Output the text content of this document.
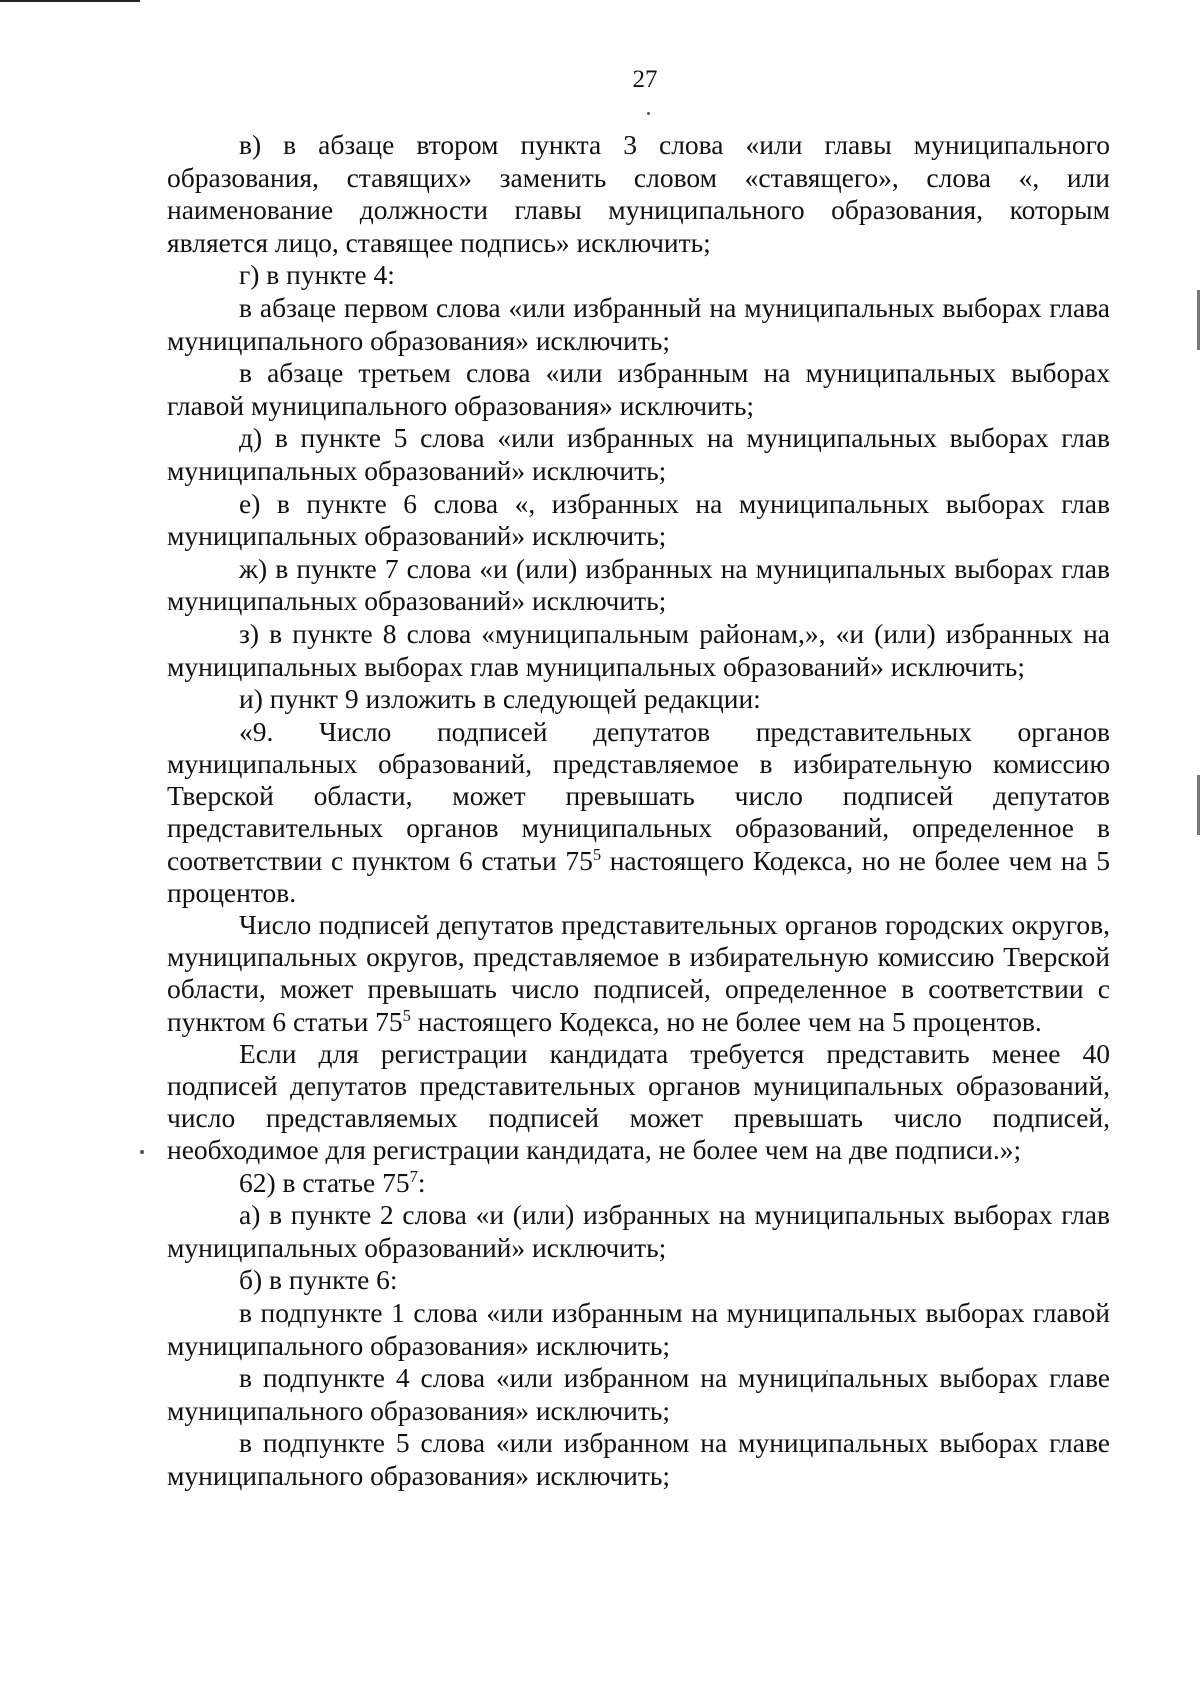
27

в) в абзаце втором пункта 3 слова «или главы муниципального образования, ставящих» заменить словом «ставящего», слова «, или наименование должности главы муниципального образования, которым является лицо, ставящее подпись» исключить;

г) в пункте 4:

в абзаце первом слова «или избранный на муниципальных выборах глава муниципального образования» исключить;

в абзаце третьем слова «или избранным на муниципальных выборах главой муниципального образования» исключить;

д) в пункте 5 слова «или избранных на муниципальных выборах глав муниципальных образований» исключить;

е) в пункте 6 слова «, избранных на муниципальных выборах глав муниципальных образований» исключить;

ж) в пункте 7 слова «и (или) избранных на муниципальных выборах глав муниципальных образований» исключить;

з) в пункте 8 слова «муниципальным районам,», «и (или) избранных на муниципальных выборах глав муниципальных образований» исключить;

и) пункт 9 изложить в следующей редакции:

«9. Число подписей депутатов представительных органов муниципальных образований, представляемое в избирательную комиссию Тверской области, может превышать число подписей депутатов представительных органов муниципальных образований, определенное в соответствии с пунктом 6 статьи $75^5$ настоящего Кодекса, но не более чем на 5 процентов.

Число подписей депутатов представительных органов городских округов, муниципальных округов, представляемое в избирательную комиссию Тверской области, может превышать число подписей, определенное в соответствии с пунктом 6 статьи $75^5$ настоящего Кодекса, но не более чем на 5 процентов.

Если для регистрации кандидата требуется представить менее 40 подписей депутатов представительных органов муниципальных образований, число представляемых подписей может превышать число подписей, необходимое для регистрации кандидата, не более чем на две подписи.»;

62) в статье $75^7$:

а) в пункте 2 слова «и (или) избранных на муниципальных выборах глав муниципальных образований» исключить;

б) в пункте 6:

в подпункте 1 слова «или избранным на муниципальных выборах главой муниципального образования» исключить;

в подпункте 4 слова «или избранном на муниципальных выборах главе муниципального образования» исключить;

в подпункте 5 слова «или избранном на муниципальных выборах главе муниципального образования» исключить;
